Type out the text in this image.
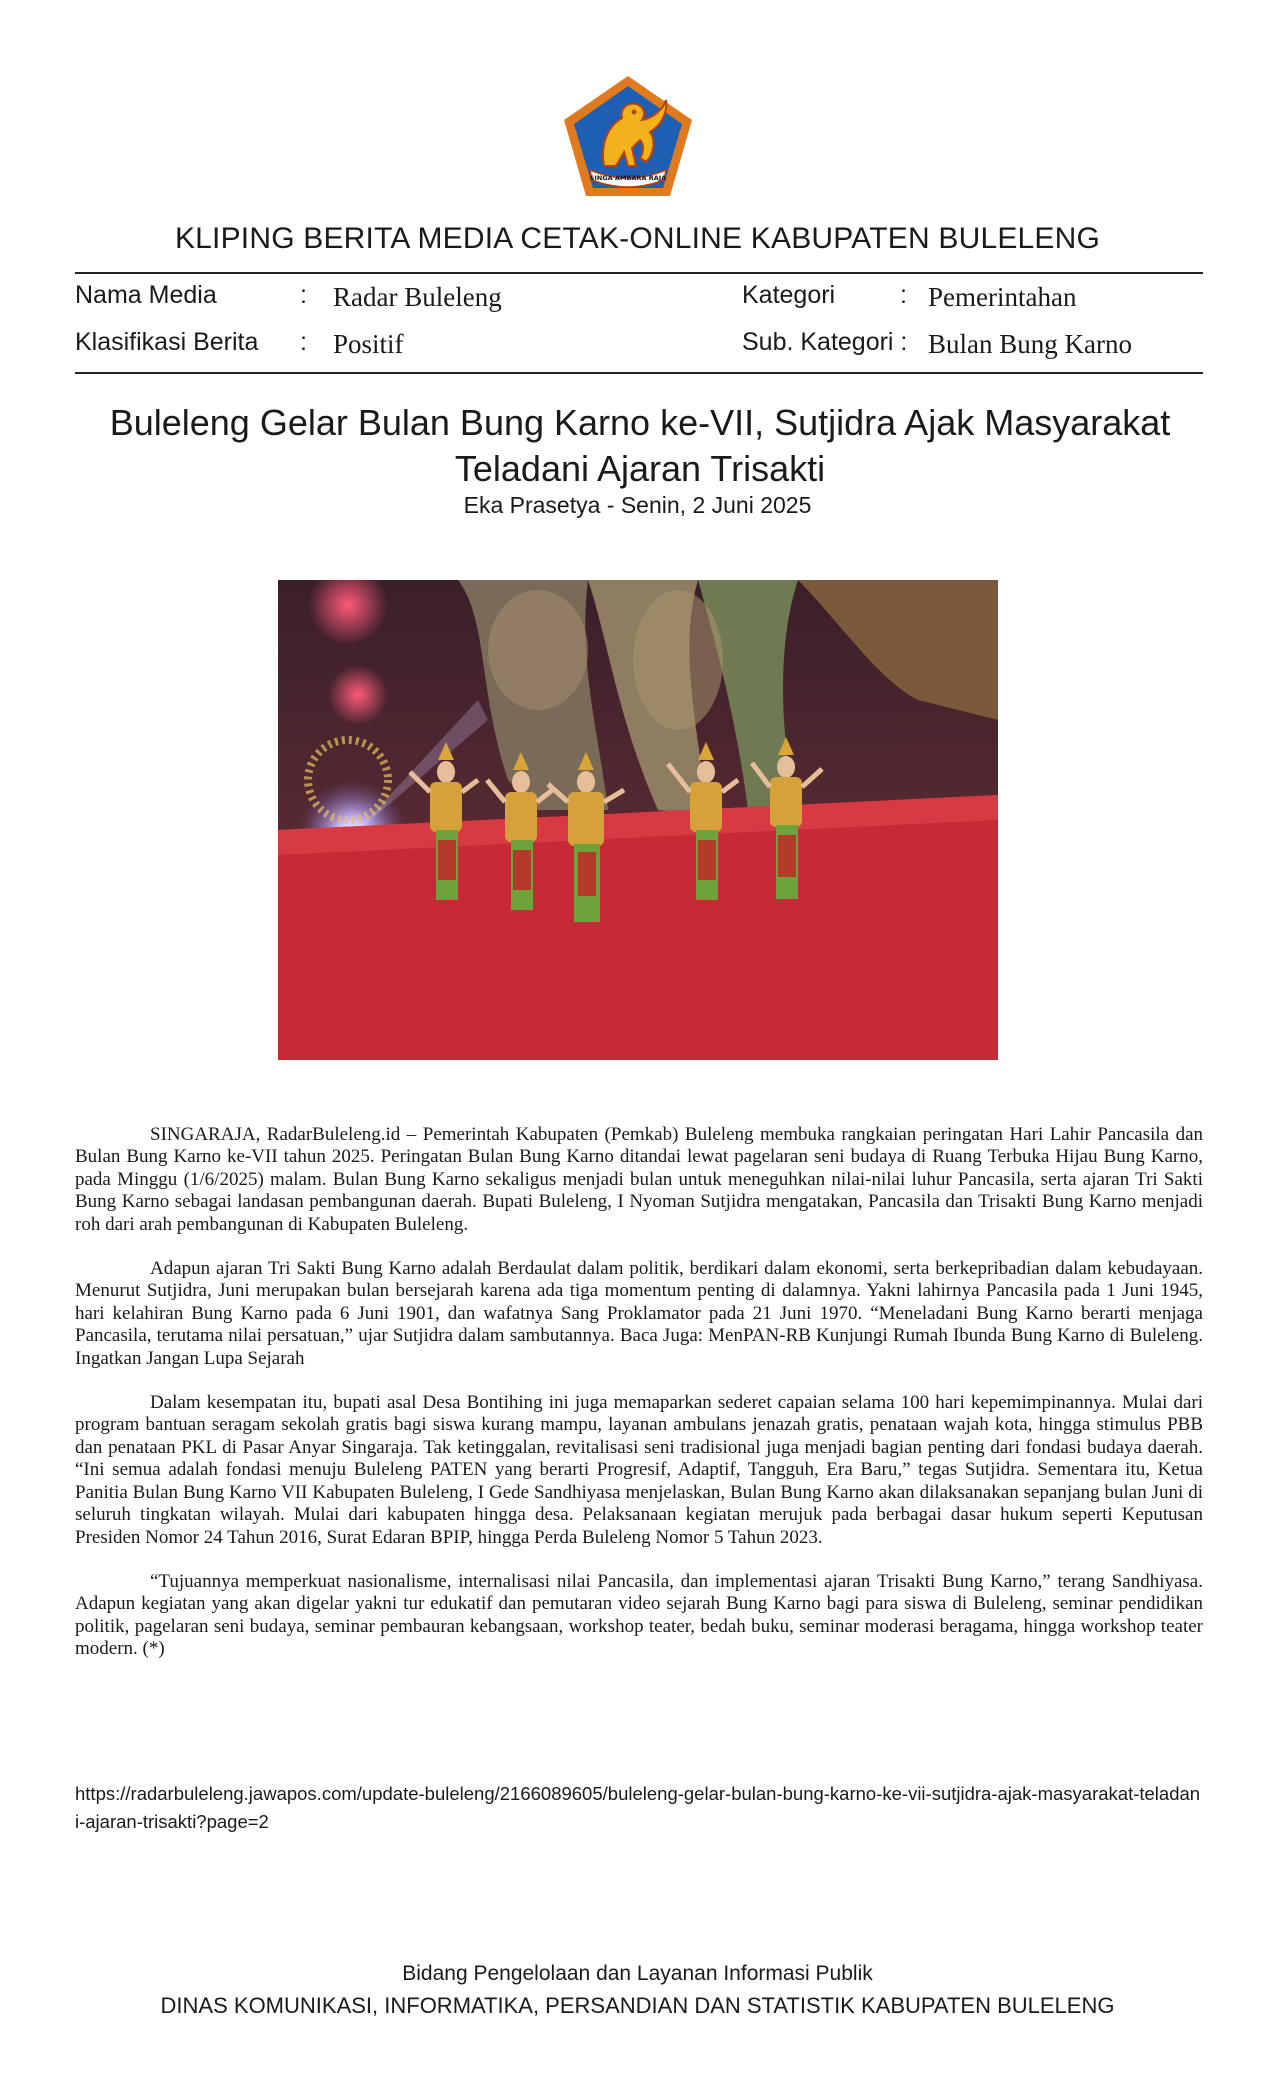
SINGA AMBARA RAJA
KLIPING BERITA MEDIA CETAK-ONLINE KABUPATEN BULELENG
Nama Media	: Radar Buleleng	Kategori	: Pemerintahan
Klasifikasi Berita : Positif	Sub. Kategori : Bulan Bung Karno
Buleleng Gelar Bulan Bung Karno ke-VII, Sutjidra Ajak Masyarakat
Teladani Ajaran Trisakti
Eka Prasetya - Senin, 2 Juni 2025

SINGARAJA, RadarBuleleng.id – Pemerintah Kabupaten (Pemkab) Buleleng membuka rangkaian peringatan Hari Lahir Pancasila dan Bulan Bung Karno ke-VII tahun 2025. Peringatan Bulan Bung Karno ditandai lewat pagelaran seni budaya di Ruang Terbuka Hijau Bung Karno, pada Minggu (1/6/2025) malam. Bulan Bung Karno sekaligus menjadi bulan untuk meneguhkan nilai-nilai luhur Pancasila, serta ajaran Tri Sakti Bung Karno sebagai landasan pembangunan daerah. Bupati Buleleng, I Nyoman Sutjidra mengatakan, Pancasila dan Trisakti Bung Karno menjadi roh dari arah pembangunan di Kabupaten Buleleng.

Adapun ajaran Tri Sakti Bung Karno adalah Berdaulat dalam politik, berdikari dalam ekonomi, serta berkepribadian dalam kebudayaan. Menurut Sutjidra, Juni merupakan bulan bersejarah karena ada tiga momentum penting di dalamnya. Yakni lahirnya Pancasila pada 1 Juni 1945, hari kelahiran Bung Karno pada 6 Juni 1901, dan wafatnya Sang Proklamator pada 21 Juni 1970. “Meneladani Bung Karno berarti menjaga Pancasila, terutama nilai persatuan,” ujar Sutjidra dalam sambutannya. Baca Juga: MenPAN-RB Kunjungi Rumah Ibunda Bung Karno di Buleleng. Ingatkan Jangan Lupa Sejarah

Dalam kesempatan itu, bupati asal Desa Bontihing ini juga memaparkan sederet capaian selama 100 hari kepemimpinannya. Mulai dari program bantuan seragam sekolah gratis bagi siswa kurang mampu, layanan ambulans jenazah gratis, penataan wajah kota, hingga stimulus PBB dan penataan PKL di Pasar Anyar Singaraja. Tak ketinggalan, revitalisasi seni tradisional juga menjadi bagian penting dari fondasi budaya daerah. “Ini semua adalah fondasi menuju Buleleng PATEN yang berarti Progresif, Adaptif, Tangguh, Era Baru,” tegas Sutjidra. Sementara itu, Ketua Panitia Bulan Bung Karno VII Kabupaten Buleleng, I Gede Sandhiyasa menjelaskan, Bulan Bung Karno akan dilaksanakan sepanjang bulan Juni di seluruh tingkatan wilayah. Mulai dari kabupaten hingga desa. Pelaksanaan kegiatan merujuk pada berbagai dasar hukum seperti Keputusan Presiden Nomor 24 Tahun 2016, Surat Edaran BPIP, hingga Perda Buleleng Nomor 5 Tahun 2023.

“Tujuannya memperkuat nasionalisme, internalisasi nilai Pancasila, dan implementasi ajaran Trisakti Bung Karno,” terang Sandhiyasa. Adapun kegiatan yang akan digelar yakni tur edukatif dan pemutaran video sejarah Bung Karno bagi para siswa di Buleleng, seminar pendidikan politik, pagelaran seni budaya, seminar pembauran kebangsaan, workshop teater, bedah buku, seminar moderasi beragama, hingga workshop teater modern. (*)

https://radarbuleleng.jawapos.com/update-buleleng/2166089605/buleleng-gelar-bulan-bung-karno-ke-vii-sutjidra-ajak-masyarakat-teladani-ajaran-trisakti?page=2
Bidang Pengelolaan dan Layanan Informasi Publik
DINAS KOMUNIKASI, INFORMATIKA, PERSANDIAN DAN STATISTIK KABUPATEN BULELENG
